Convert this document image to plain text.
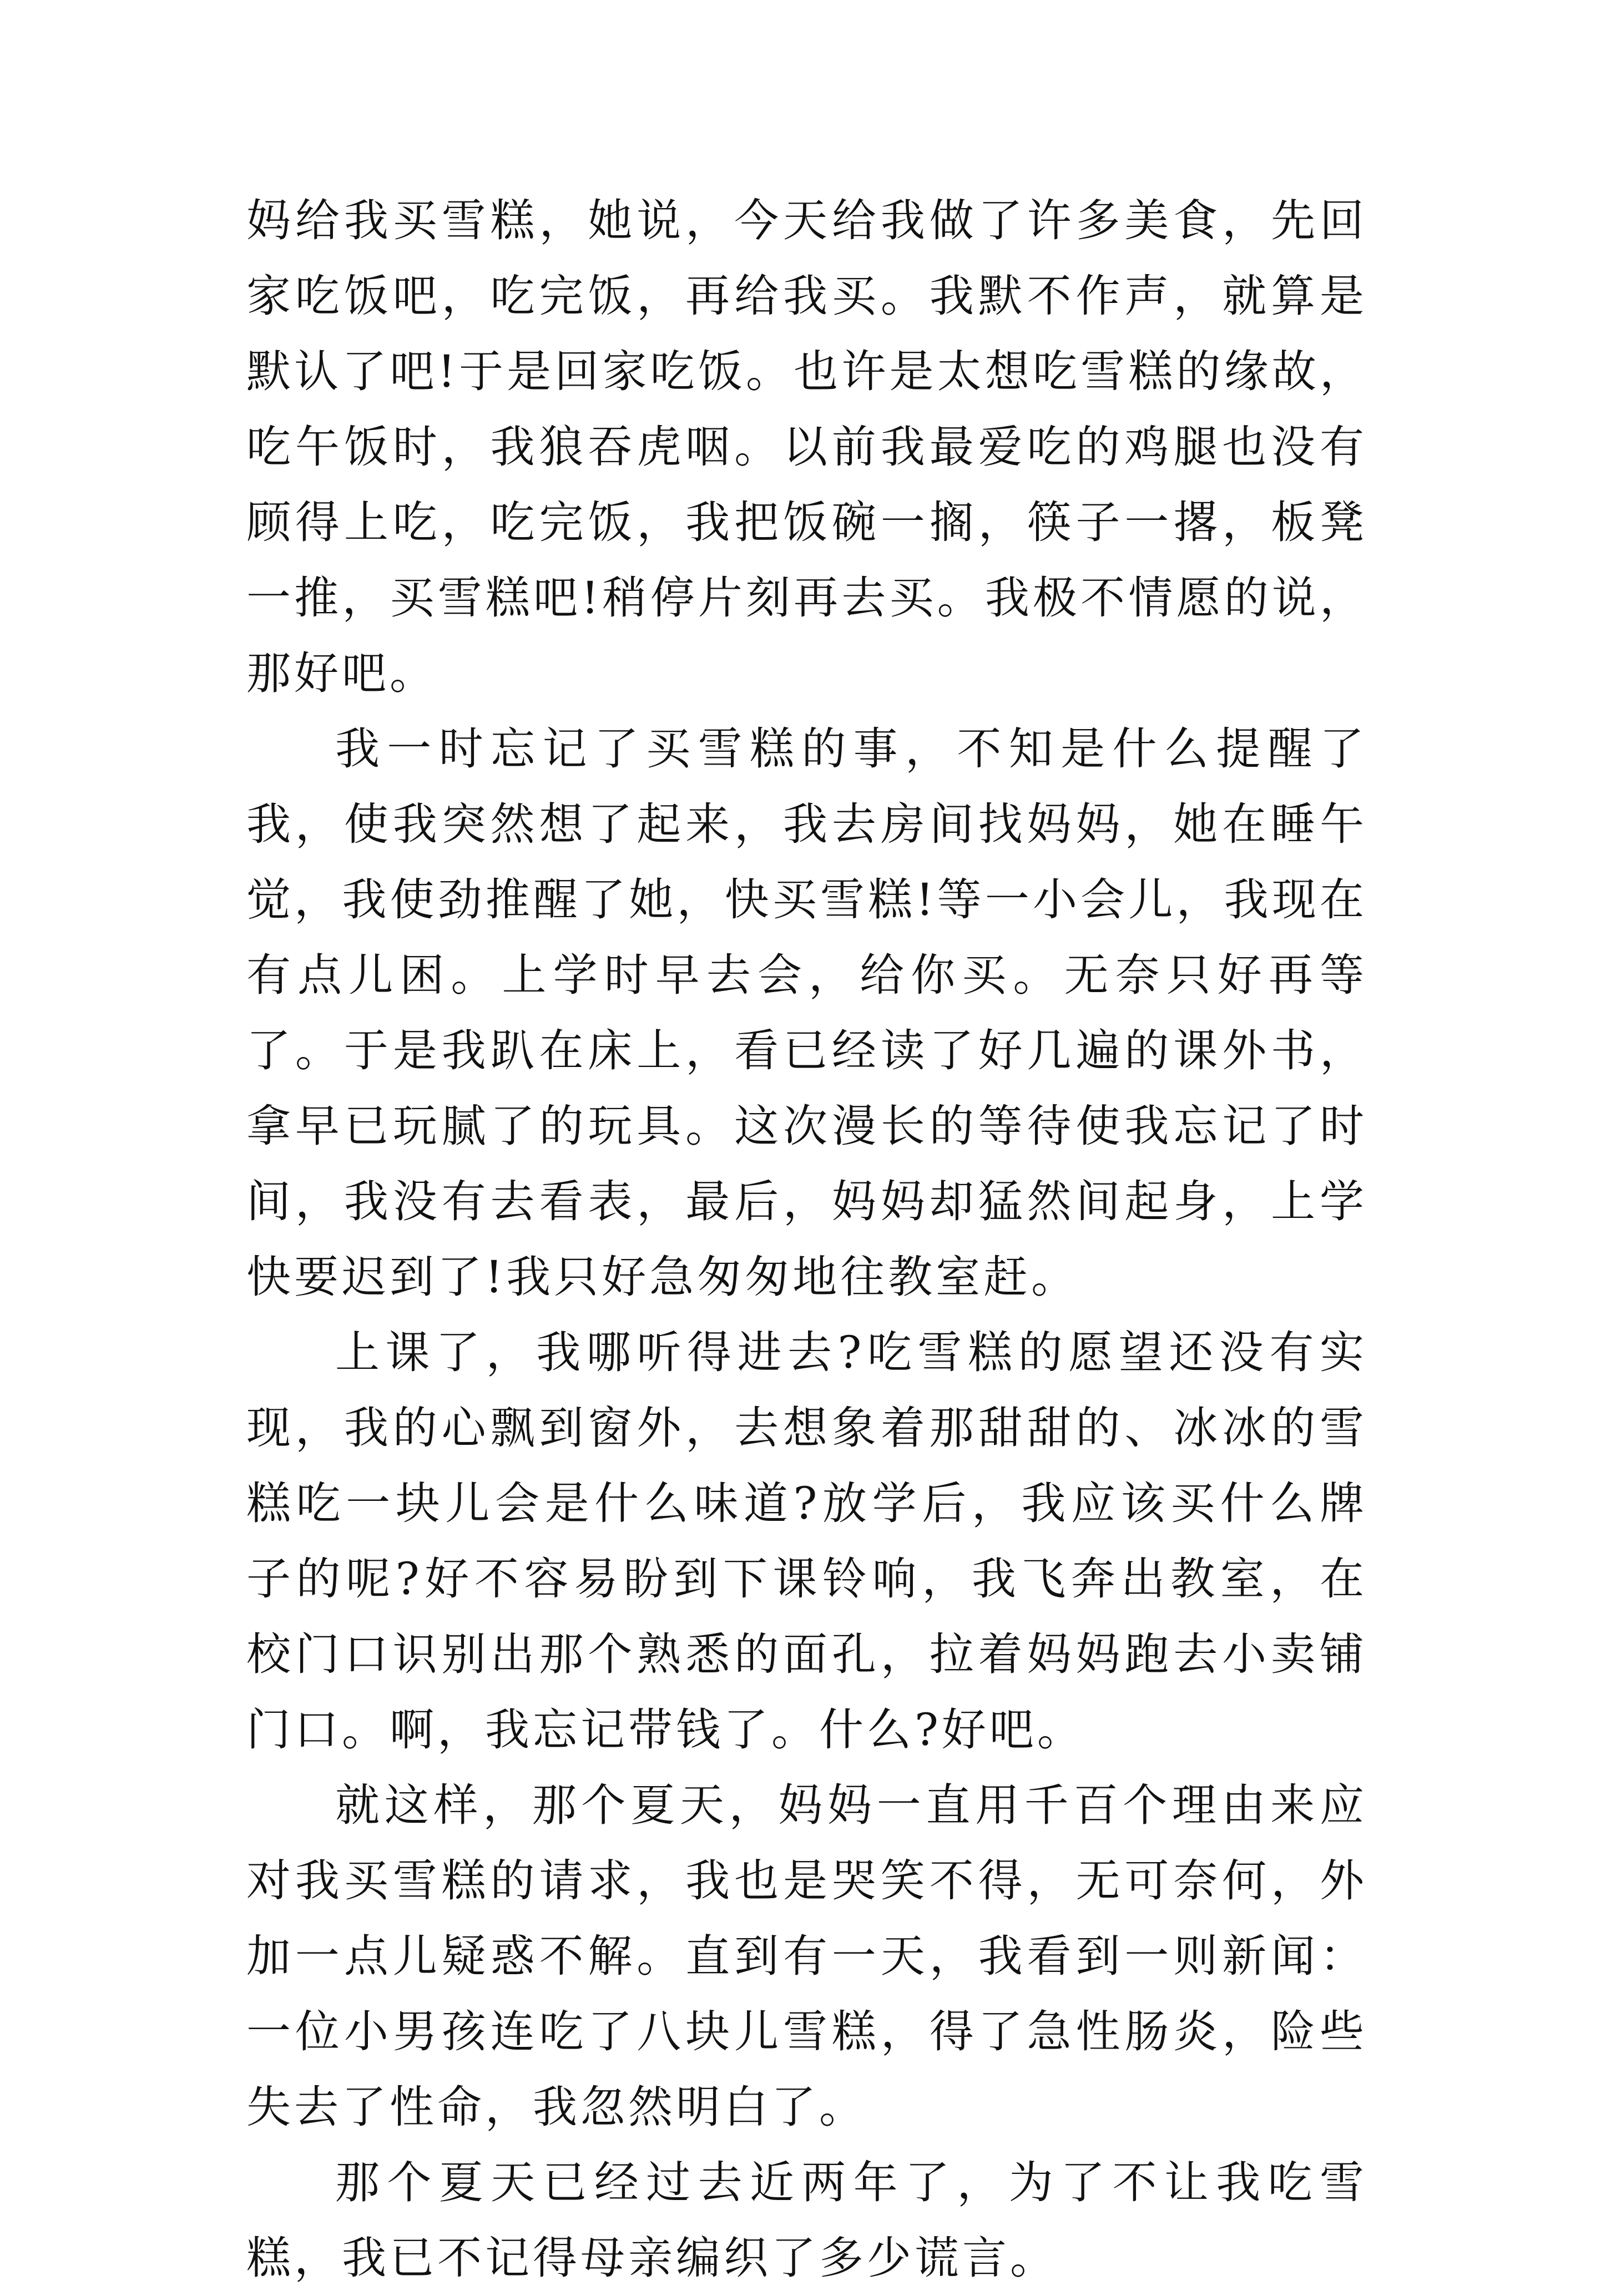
妈给我买雪糕，她说，今天给我做了许多美食，先回家吃饭吧，吃完饭，再给我买。我默不作声，就算是默认了吧!于是回家吃饭。也许是太想吃雪糕的缘故，吃午饭时，我狼吞虎咽。以前我最爱吃的鸡腿也没有顾得上吃，吃完饭，我把饭碗一搁，筷子一撂，板凳一推，买雪糕吧!稍停片刻再去买。我极不情愿的说，那好吧。

我一时忘记了买雪糕的事，不知是什么提醒了我，使我突然想了起来，我去房间找妈妈，她在睡午觉，我使劲推醒了她，快买雪糕!等一小会儿，我现在有点儿困。上学时早去会，给你买。无奈只好再等了。于是我趴在床上，看已经读了好几遍的课外书，拿早已玩腻了的玩具。这次漫长的等待使我忘记了时间，我没有去看表，最后，妈妈却猛然间起身，上学快要迟到了!我只好急匆匆地往教室赶。

上课了，我哪听得进去?吃雪糕的愿望还没有实现，我的心飘到窗外，去想象着那甜甜的、冰冰的雪糕吃一块儿会是什么味道?放学后，我应该买什么牌子的呢?好不容易盼到下课铃响，我飞奔出教室，在校门口识别出那个熟悉的面孔，拉着妈妈跑去小卖铺门口。啊，我忘记带钱了。什么?好吧。

就这样，那个夏天，妈妈一直用千百个理由来应对我买雪糕的请求，我也是哭笑不得，无可奈何，外加一点儿疑惑不解。直到有一天，我看到一则新闻：一位小男孩连吃了八块儿雪糕，得了急性肠炎，险些失去了性命，我忽然明白了。

那个夏天已经过去近两年了，为了不让我吃雪糕，我已不记得母亲编织了多少谎言。
